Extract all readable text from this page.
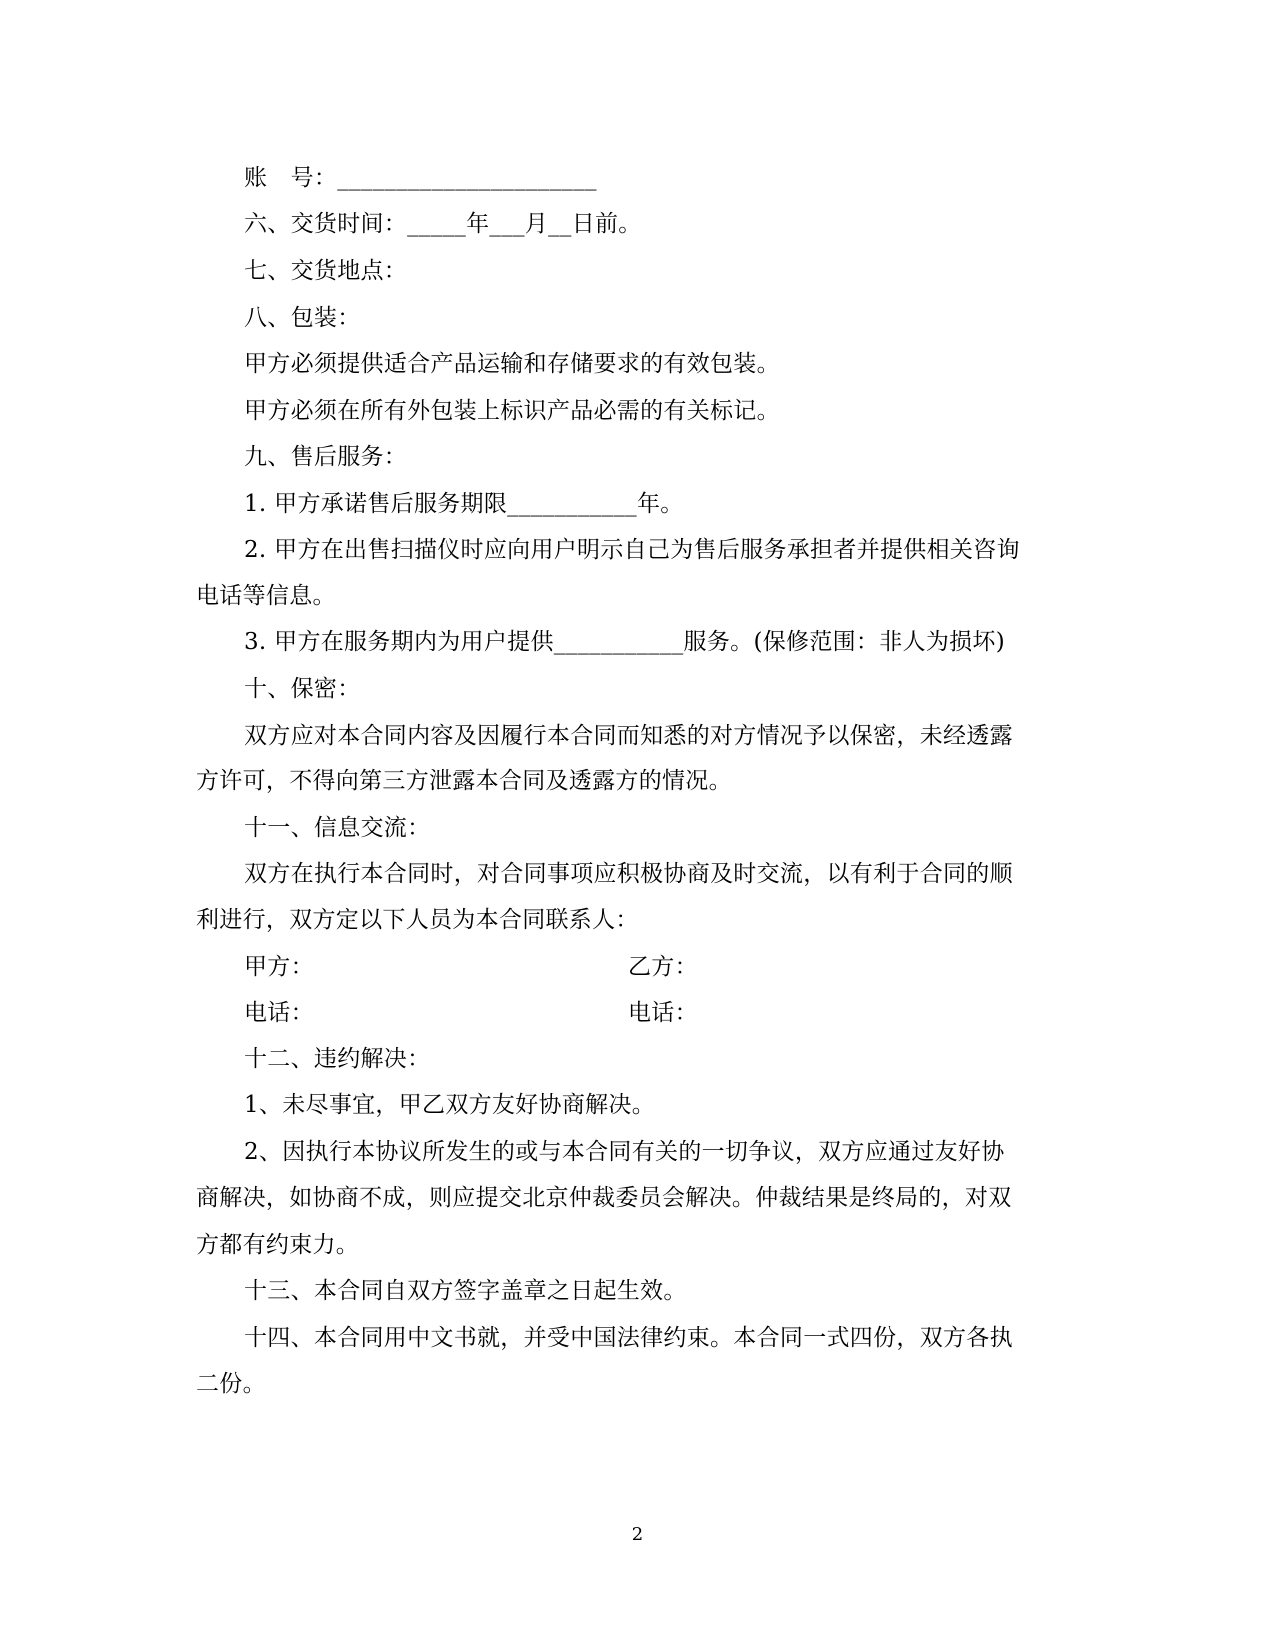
账　号：______________________
六、交货时间：_____年___月__日前。
七、交货地点：
八、包装：
甲方必须提供适合产品运输和存储要求的有效包装。
甲方必须在所有外包装上标识产品必需的有关标记。
九、售后服务：
1. 甲方承诺售后服务期限___________年。
2. 甲方在出售扫描仪时应向用户明示自己为售后服务承担者并提供相关咨询
电话等信息。
3. 甲方在服务期内为用户提供___________服务。(保修范围：非人为损坏)
十、保密：
双方应对本合同内容及因履行本合同而知悉的对方情况予以保密，未经透露
方许可，不得向第三方泄露本合同及透露方的情况。
十一、信息交流：
双方在执行本合同时，对合同事项应积极协商及时交流，以有利于合同的顺
利进行，双方定以下人员为本合同联系人：
甲方：	乙方：
电话：	电话：
十二、违约解决：
1、未尽事宜，甲乙双方友好协商解决。
2、因执行本协议所发生的或与本合同有关的一切争议，双方应通过友好协
商解决，如协商不成，则应提交北京仲裁委员会解决。仲裁结果是终局的，对双
方都有约束力。
十三、本合同自双方签字盖章之日起生效。
十四、本合同用中文书就，并受中国法律约束。本合同一式四份，双方各执
二份。
2
